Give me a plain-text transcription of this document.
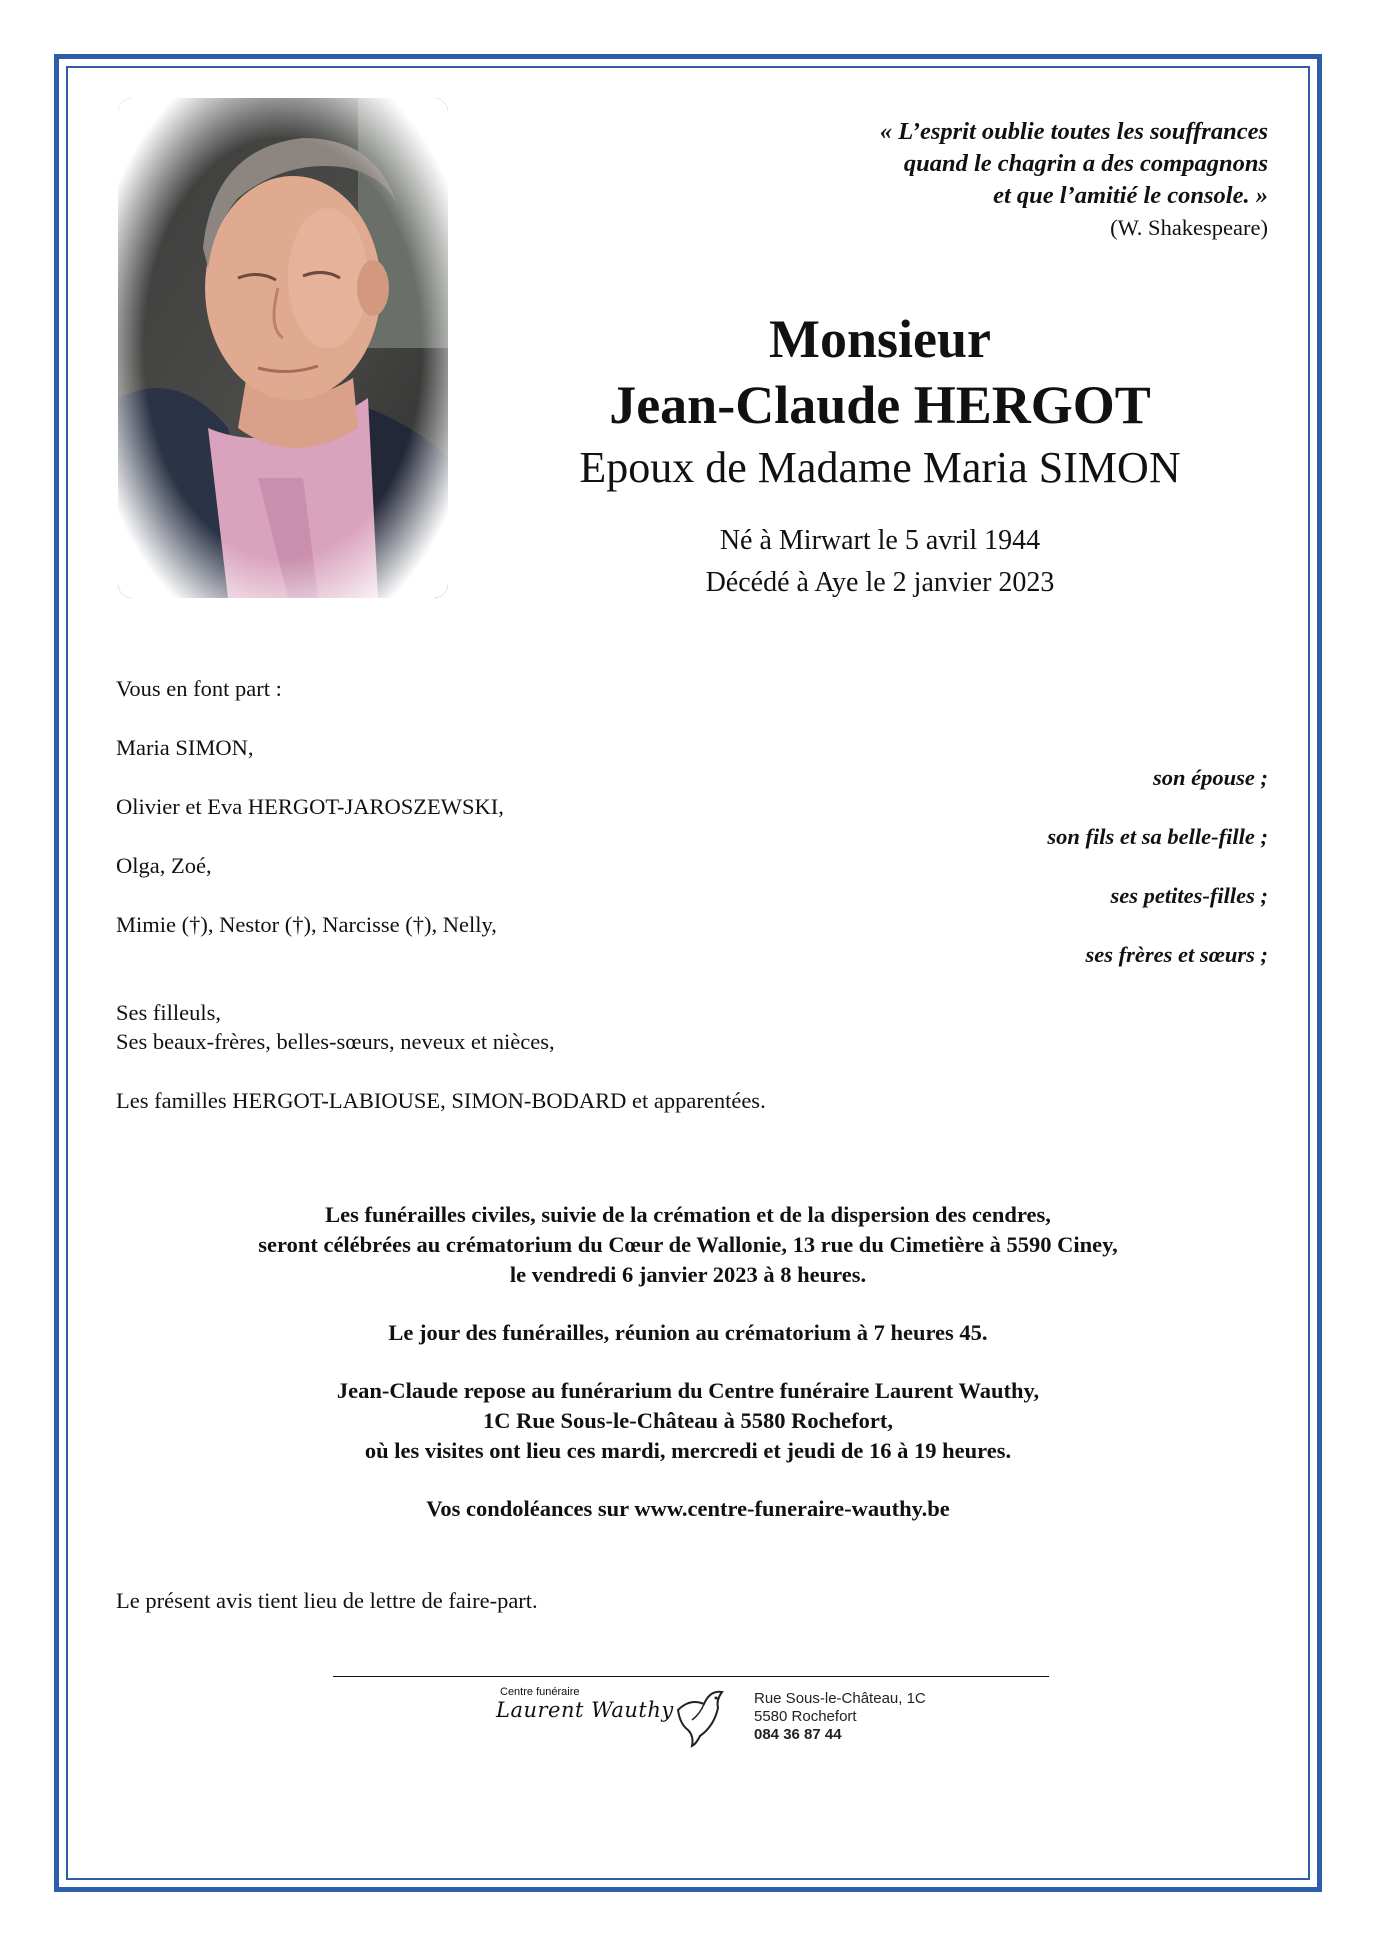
« L’esprit oublie toutes les souffrances
quand le chagrin a des compagnons
et que l’amitié le console. »
(W. Shakespeare)
Monsieur
Jean-Claude HERGOT
Epoux de Madame Maria SIMON
Né à Mirwart le 5 avril 1944
Décédé à Aye le 2 janvier 2023
Vous en font part :
Maria SIMON,
son épouse ;
Olivier et Eva HERGOT-JAROSZEWSKI,
son fils et sa belle-fille ;
Olga, Zoé,
ses petites-filles ;
Mimie (†), Nestor (†), Narcisse (†), Nelly,
ses frères et sœurs ;
Ses filleuls,
Ses beaux-frères, belles-sœurs, neveux et nièces,
Les familles HERGOT-LABIOUSE, SIMON-BODARD et apparentées.

Les funérailles civiles, suivie de la crémation et de la dispersion des cendres,
seront célébrées au crématorium du Cœur de Wallonie, 13 rue du Cimetière à 5590 Ciney,
le vendredi 6 janvier 2023 à 8 heures.

Le jour des funérailles, réunion au crématorium à 7 heures 45.

Jean-Claude repose au funérarium du Centre funéraire Laurent Wauthy,
1C Rue Sous-le-Château à 5580 Rochefort,
où les visites ont lieu ces mardi, mercredi et jeudi de 16 à 19 heures.

Vos condoléances sur www.centre-funeraire-wauthy.be

Le présent avis tient lieu de lettre de faire-part.
Centre funéraire
Laurent Wauthy	Rue Sous-le-Château, 1C
5580 Rochefort
084 36 87 44
